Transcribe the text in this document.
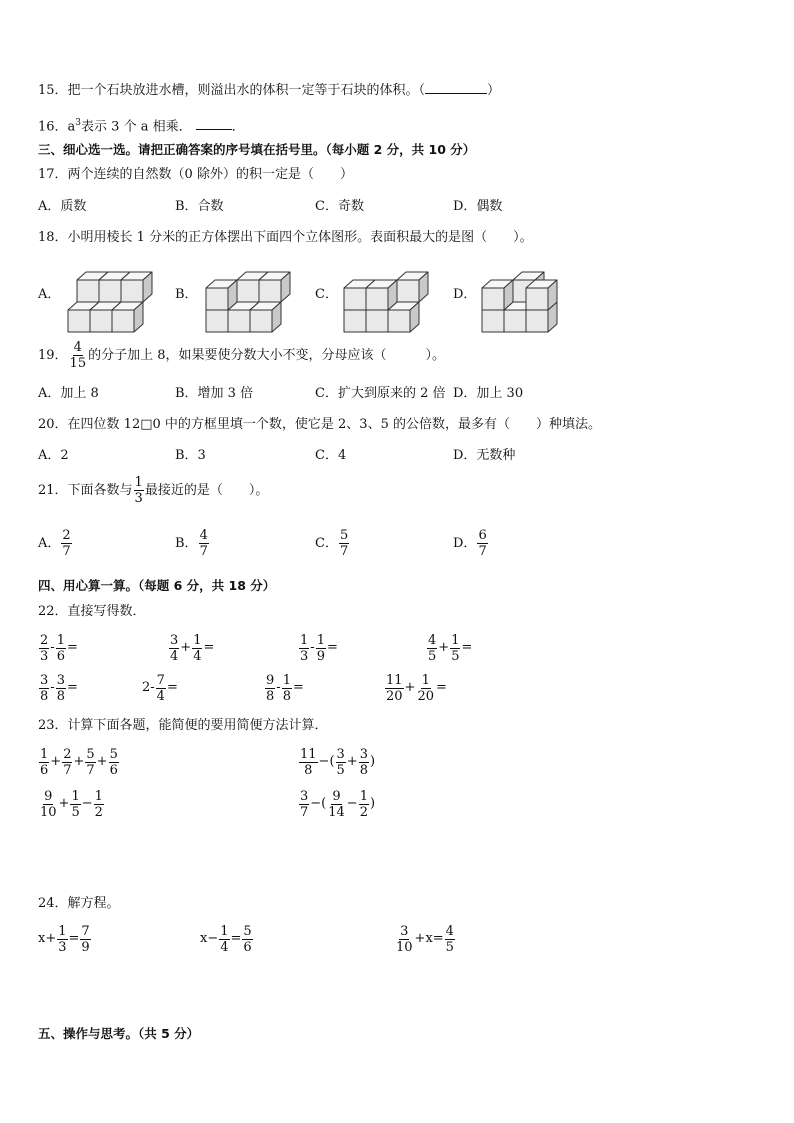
15．把一个石块放进水槽，则溢出水的体积一定等于石块的体积。（	）
16．$a^3$表示 3 个 a 相乘．	．
三、细心选一选。请把正确答案的序号填在括号里。（每小题 2 分，共 10 分）
17．两个连续的自然数（0 除外）的积一定是（　　）
A．质数	B．合数	C．奇数	D．偶数
18．小明用棱长 1 分米的正方体摆出下面四个立体图形。表面积最大的是图（　　）。
A．	B．	C．	D．
19． $\frac{4}{15}$ 的分子加上 8，如果要使分数大小不变，分母应该（　　　）。
A．加上 8	B．增加 3 倍	C．扩大到原来的 2 倍 D．加上 30
20．在四位数 12□0 中的方框里填一个数，使它是 2、3、5 的公倍数，最多有（　　）种填法。
A．2	B．3	C．4	D．无数种
21．下面各数与 $\frac{1}{3}$ 最接近的是（　　）。
A． $\frac{2}{7}$	B． $\frac{4}{7}$	C． $\frac{5}{7}$	D． $\frac{6}{7}$
四、用心算一算。（每题 6 分，共 18 分）
22．直接写得数．
$\frac{2}{3} - \frac{1}{6}$ =	$\frac{3}{4} + \frac{1}{4}$ =	$\frac{1}{3} - \frac{1}{9}$ =	$\frac{4}{5} + \frac{1}{5}$ =
$\frac{3}{8} - \frac{3}{8}$ =	$2- \frac{7}{4}$ =	$\frac{9}{8} - \frac{1}{8}$ =	$\frac{11}{20} + \frac{1}{20}$ =
23．计算下面各题，能简便的要用简便方法计算．
$\frac{1}{6} + \frac{2}{7} + \frac{5}{7} + \frac{5}{6}$	$\frac{11}{8}$ −( $\frac{3}{5} + \frac{3}{8}$ )
$\frac{9}{10} + \frac{1}{5} - \frac{1}{2}$	$\frac{3}{7}$ −( $\frac{9}{14} - \frac{1}{2}$ )
24．解方程。
$x+ \frac{1}{3} = \frac{7}{9}$	$x- \frac{1}{4} = \frac{5}{6}$	$\frac{3}{10} +x= \frac{4}{5}$
五、操作与思考。（共 5 分）
